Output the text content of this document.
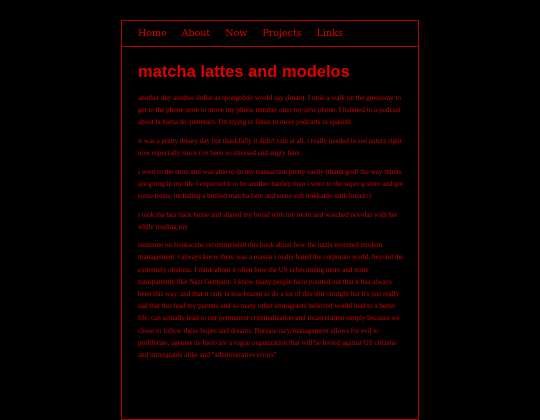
Home About Now Projects Links
matcha lattes and modelos

another day another dollar as spongebob would say (lmao). I took a walk on the greenway to get to the phone store to move my phone number onto my new phone. I listened to a podcast about la hiena de queretaro. I'm trying to listen to more podcasts in spanish

it was a pretty dreary day but thankfully it didn't rain at all. i really needed to see nature right now especially since i've been so stressed and angry later

i went to the store and was able to do my transaction pretty easily (thank god! the way thinks are going in my life I expected it to be another battle). then i went to the super g store and got some treats, including a bottled matcha latte and some soft hokkaido milk bread :)

i took the bus back home and shared my bread with my mom and watched novelas with her while reading my

someone on freakscene recommended this book about how the nazis invented modern management. i always knew there was a reason i really hated the corporate world, beyond the extremely obvious. I think about it often how the US is becoming more and more transparently like Nazi Germany. I know many people have pointed out that it has always been this way, and that it only is less brazen to do a lot of this shit outright but it's just really sad that this lead my parents and so many other immigrants believed would lead to a better life, can actually lead to our permanent criminalization and incarceration simply because we chose to follow those hopes and dreams. Bureaucracy/management allows for evil to proliferate, agentes de hielo are a rogue organization that will be levied against US citizens and immigrants alike and "administrative errors"
